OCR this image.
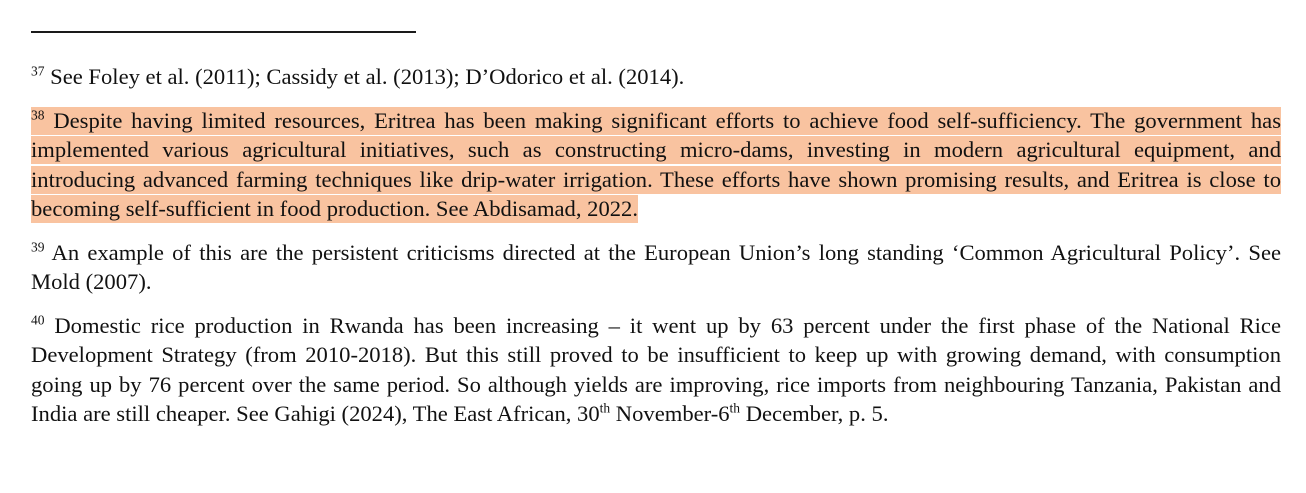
$^{37}$ See Foley et al. (2011); Cassidy et al. (2013); D’Odorico et al. (2014).

$^{38}$ Despite having limited resources, Eritrea has been making significant efforts to achieve food self-sufficiency. The government has implemented various agricultural initiatives, such as constructing micro-dams, investing in modern agricultural equipment, and introducing advanced farming techniques like drip-water irrigation. These efforts have shown promising results, and Eritrea is close to becoming self-sufficient in food production. See Abdisamad, 2022.

$^{39}$ An example of this are the persistent criticisms directed at the European Union’s long standing ‘Common Agricultural Policy’. See Mold (2007).

$^{40}$ Domestic rice production in Rwanda has been increasing – it went up by 63 percent under the first phase of the National Rice Development Strategy (from 2010-2018). But this still proved to be insufficient to keep up with growing demand, with consumption going up by 76 percent over the same period. So although yields are improving, rice imports from neighbouring Tanzania, Pakistan and India are still cheaper. See Gahigi (2024), The East African, 30th November-6th December, p. 5.
